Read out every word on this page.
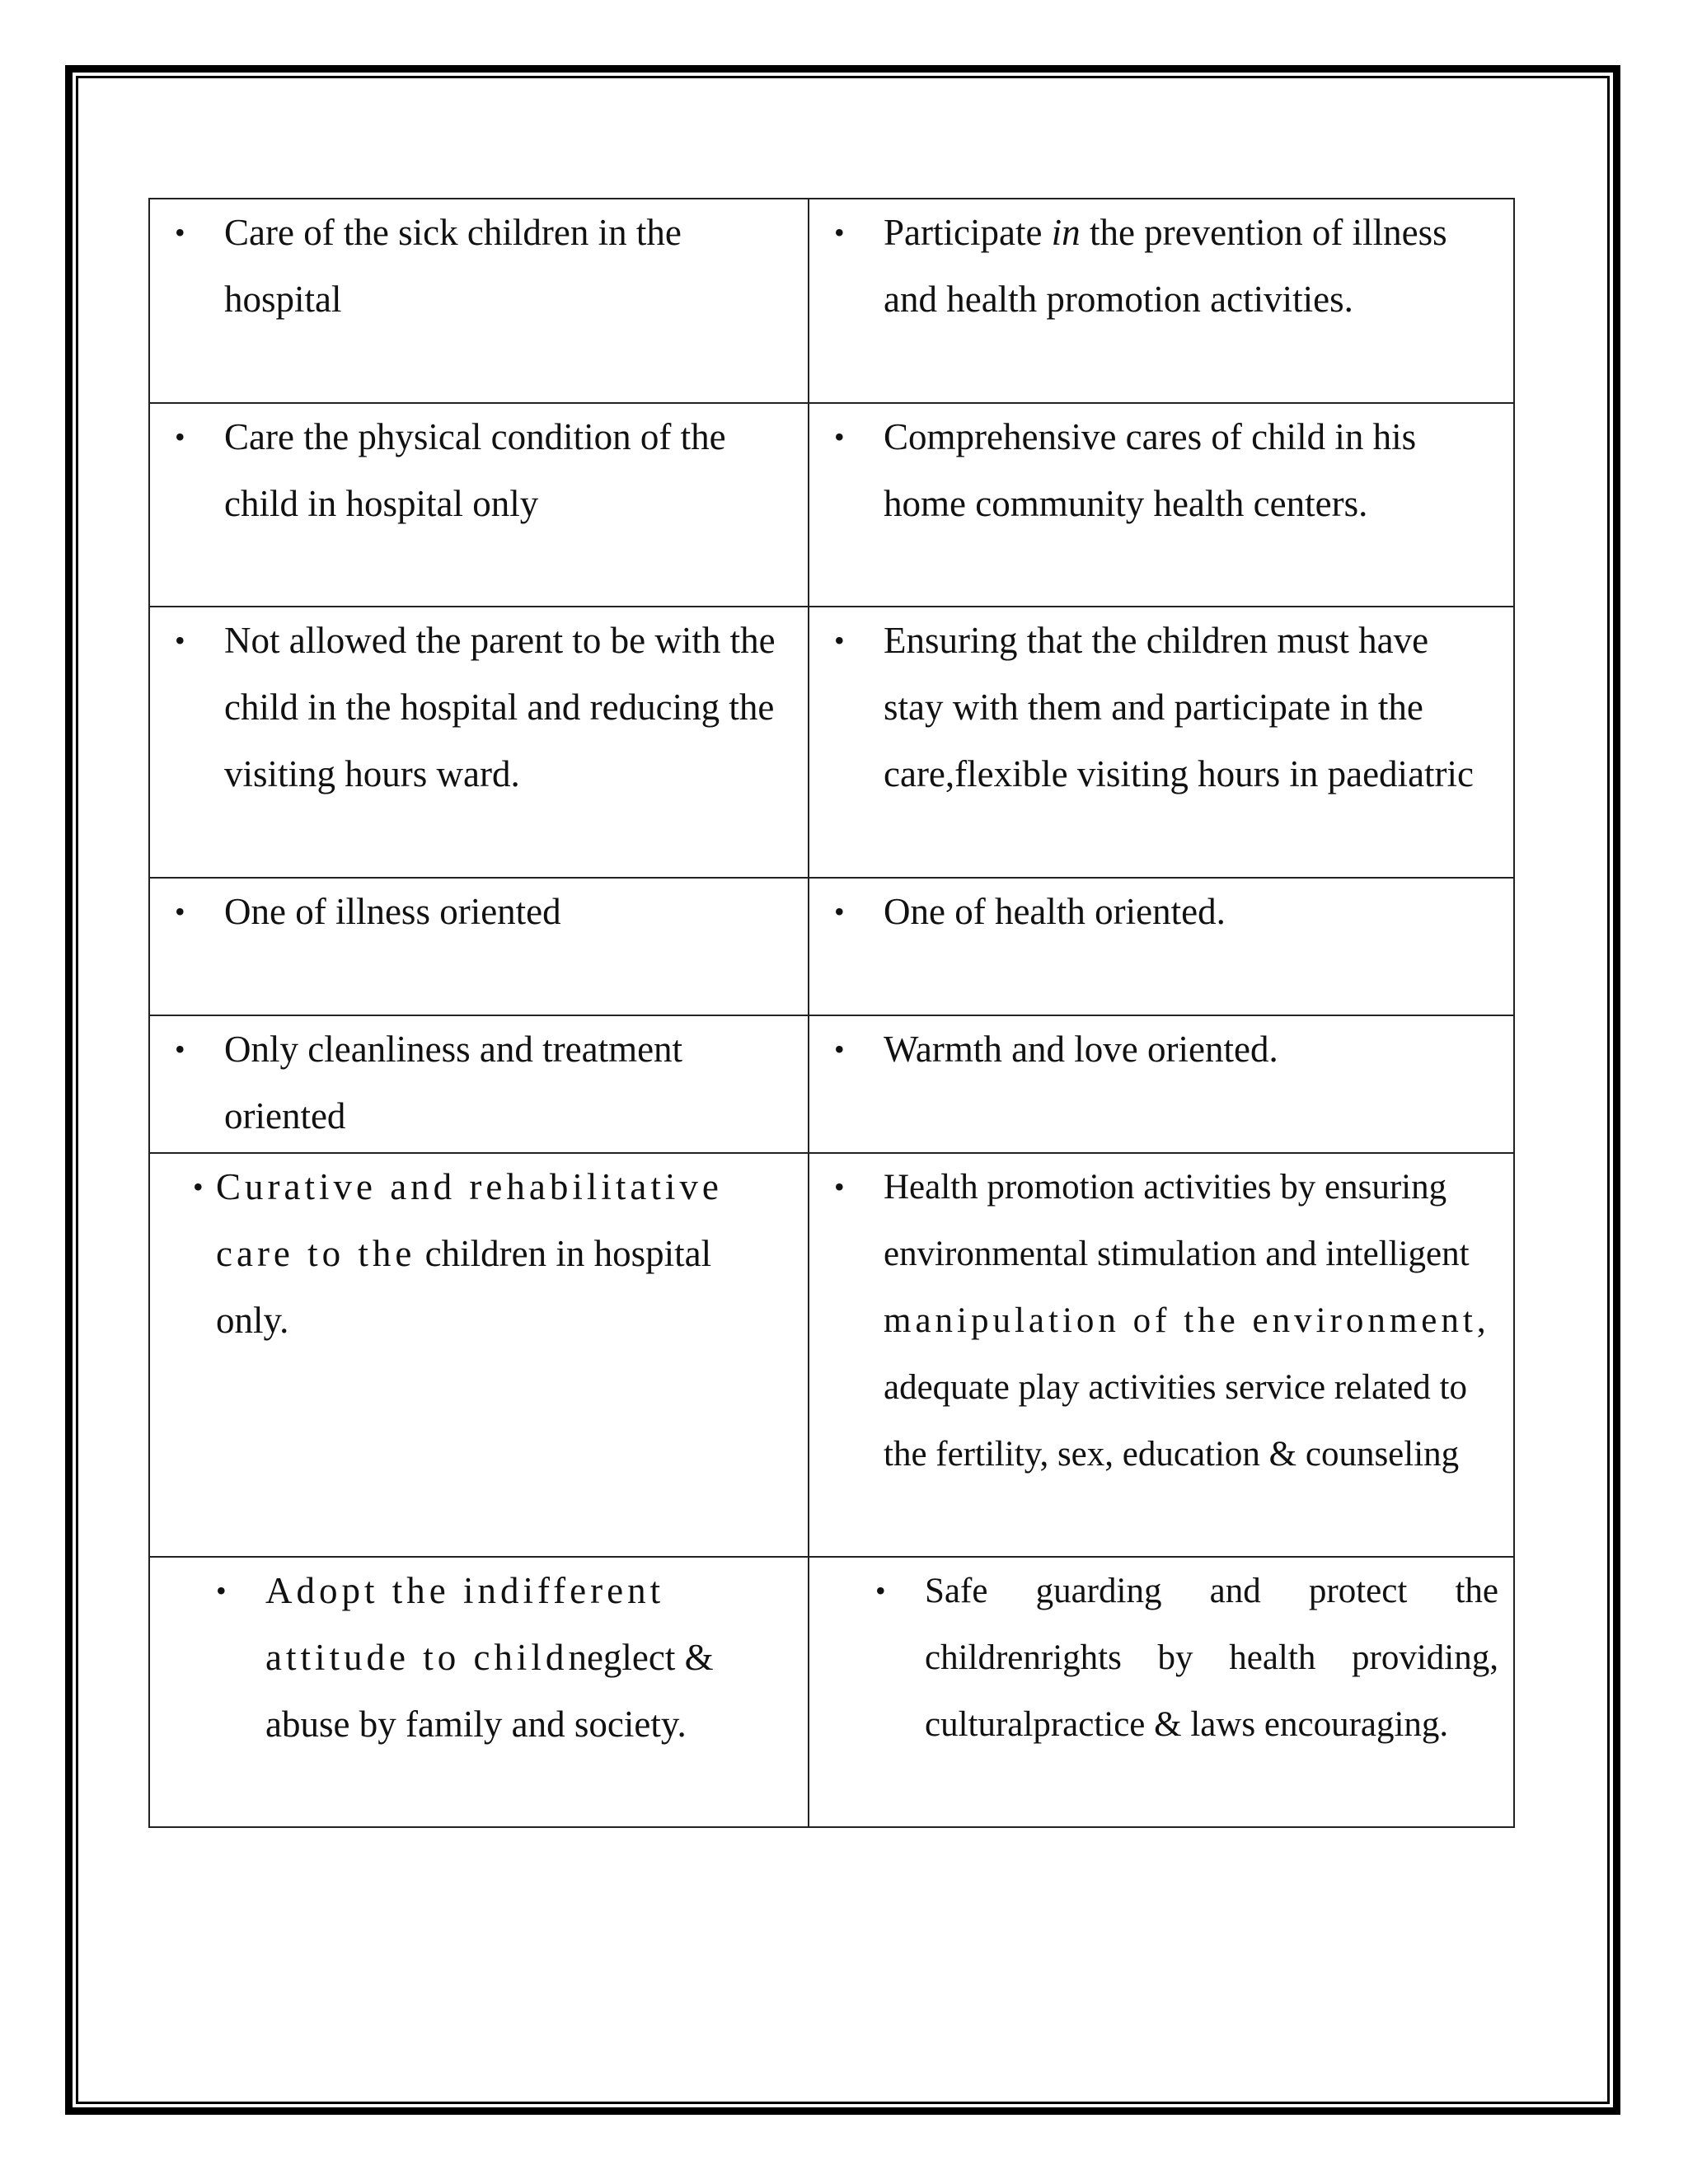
• Care of the sick children in the hospital	• Participate in the prevention of illness and health promotion activities.

• Care the physical condition of the child in hospital only	• Comprehensive cares of child in his home community health centers.

• Not allowed the parent to be with the child in the hospital and reducing the visiting hours ward.	• Ensuring that the children must have stay with them and participate in the care,flexible visiting hours in paediatric

• One of illness oriented	• One of health oriented.

• Only cleanliness and treatment oriented	• Warmth and love oriented.

• Curative and rehabilitative care to the children in hospital only.	• Health promotion activities by ensuring environmental stimulation and intelligent manipulation of the environment, adequate play activities service related to the fertility, sex, education & counseling

• Adopt the indifferent attitude to childneglect & abuse by family and society.	• Safe guarding and protect the childrenrights by health providing, culturalpractice & laws encouraging.
